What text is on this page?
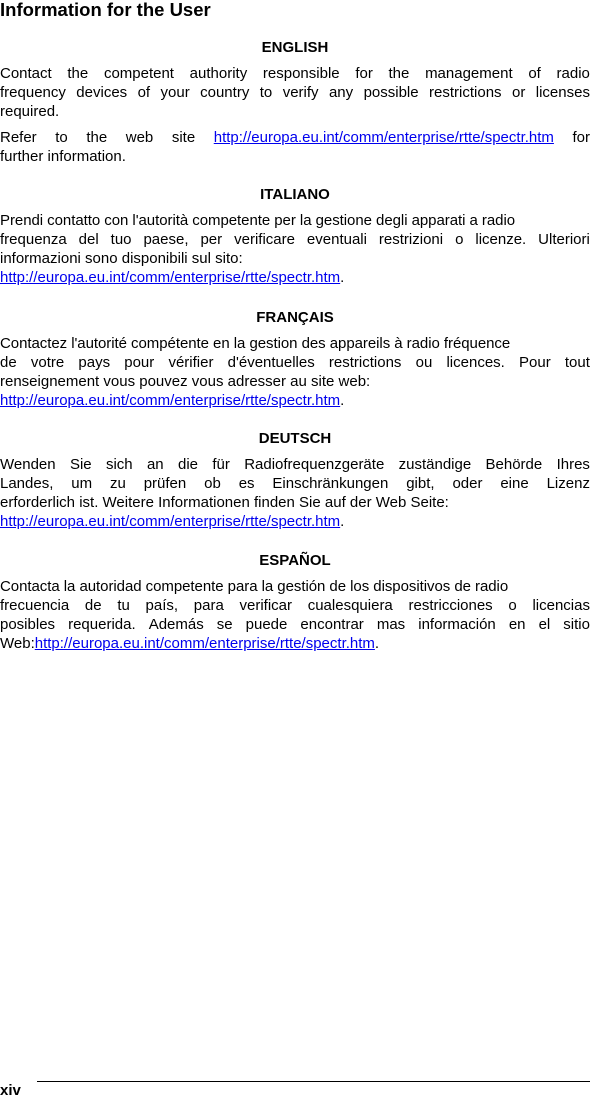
Information for the User
ENGLISH
Contact the competent authority responsible for the management of radio
frequency devices of your country to verify any possible restrictions or licenses
required.
Refer to the web site http://europa.eu.int/comm/enterprise/rtte/spectr.htm for
further information.
ITALIANO
Prendi contatto con l'autorità competente per la gestione degli apparati a radio
frequenza del tuo paese, per verificare eventuali restrizioni o licenze. Ulteriori
informazioni sono disponibili sul sito:
http://europa.eu.int/comm/enterprise/rtte/spectr.htm.
FRANÇAIS
Contactez l'autorité compétente en la gestion des appareils à radio fréquence
de votre pays pour vérifier d'éventuelles restrictions ou licences. Pour tout
renseignement vous pouvez vous adresser au site web:
http://europa.eu.int/comm/enterprise/rtte/spectr.htm.
DEUTSCH
Wenden Sie sich an die für Radiofrequenzgeräte zuständige Behörde Ihres
Landes, um zu prüfen ob es Einschränkungen gibt, oder eine Lizenz
erforderlich ist. Weitere Informationen finden Sie auf der Web Seite:
http://europa.eu.int/comm/enterprise/rtte/spectr.htm.
ESPAÑOL
Contacta la autoridad competente para la gestión de los dispositivos de radio
frecuencia de tu país, para verificar cualesquiera restricciones o licencias
posibles requerida. Además se puede encontrar mas información en el sitio
Web:http://europa.eu.int/comm/enterprise/rtte/spectr.htm.
xiv
